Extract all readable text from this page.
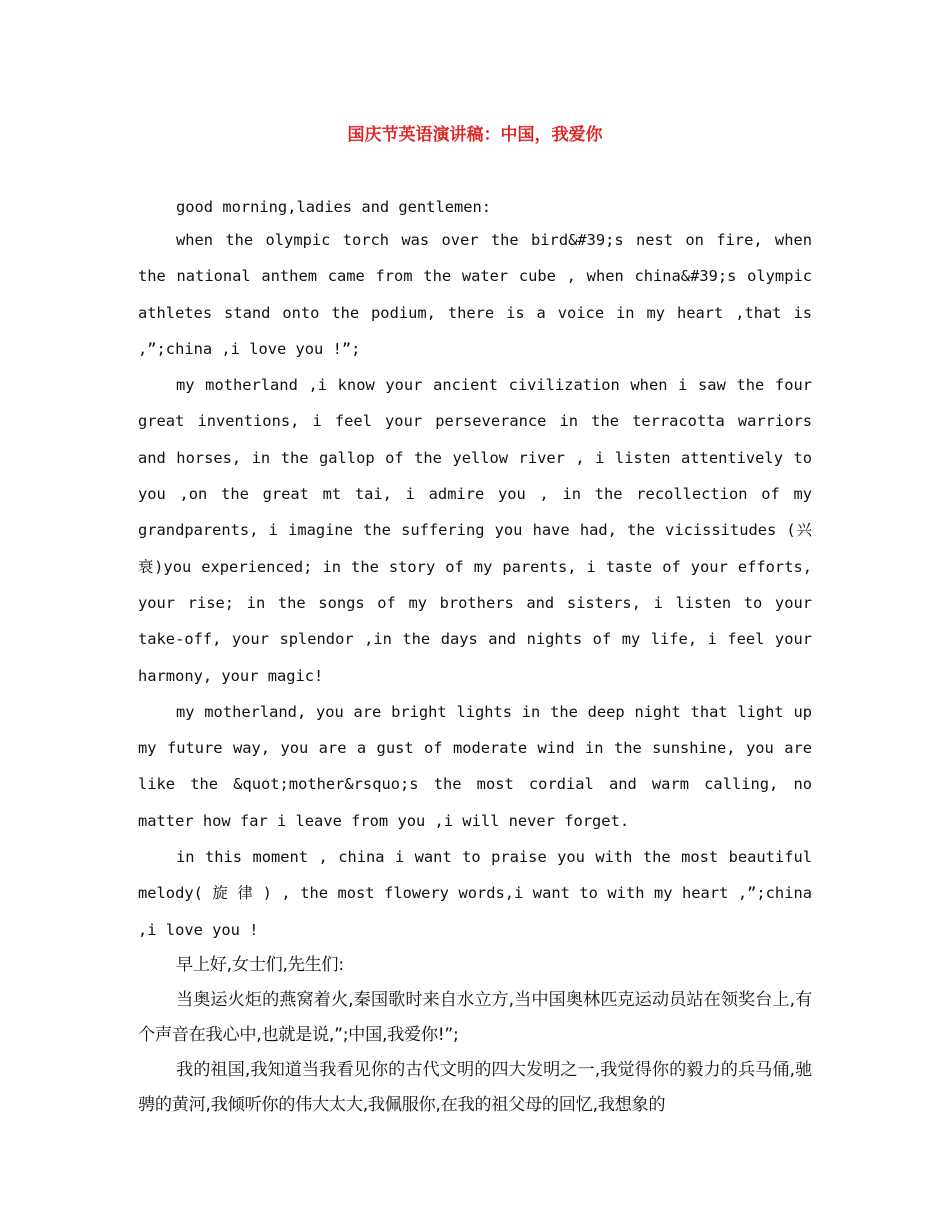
国庆节英语演讲稿：中国，我爱你

good morning,ladies and gentlemen:

when the olympic torch was over the bird&#39;s nest on fire, when the national anthem came from the water cube , when china&#39;s olympic athletes stand onto the podium, there is a voice in my heart ,that is ,”;china ,i love you !”;

my motherland ,i know your ancient civilization when i saw the four great inventions, i feel your perseverance in the terracotta warriors and horses, in the gallop of the yellow river , i listen attentively to you ,on the great mt tai, i admire you , in the recollection of my grandparents, i imagine the suffering you have had, the vicissitudes (兴衰)you experienced; in the story of my parents, i taste of your efforts, your rise; in the songs of my brothers and sisters, i listen to your take-off, your splendor ,in the days and nights of my life, i feel your harmony, your magic!

my motherland, you are bright lights in the deep night that light up my future way, you are a gust of moderate wind in the sunshine, you are like the &quot;mother&rsquo;s the most cordial and warm calling, no matter how far i leave from you ,i will never forget.

in this moment , china i want to praise you with the most beautiful melody( 旋 律 ) , the most flowery words,i want to with my heart ,”;china ,i love you !

早上好,女士们,先生们:

当奥运火炬的燕窝着火,秦国歌时来自水立方,当中国奥林匹克运动员站在领奖台上,有个声音在我心中,也就是说,”;中国,我爱你!”;

我的祖国,我知道当我看见你的古代文明的四大发明之一,我觉得你的毅力的兵马俑,驰骋的黄河,我倾听你的伟大太大,我佩服你,在我的祖父母的回忆,我想象的
